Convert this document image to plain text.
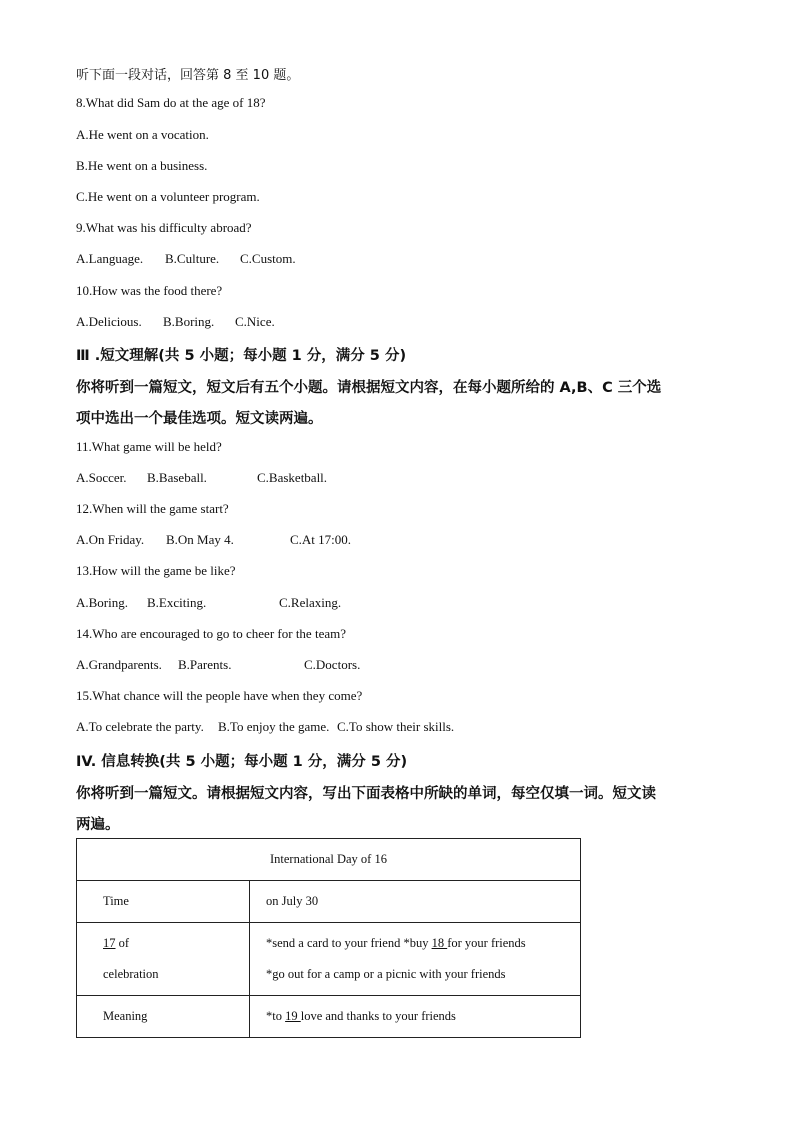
听下面一段对话，回答第 8 至 10 题。
8.What did Sam do at the age of 18?
A.He went on a vocation.
B.He went on a business.
C.He went on a volunteer program.
9.What was his difficulty abroad?
A.Language. B.Culture. C.Custom.
10.How was the food there?
A.Delicious. B.Boring. C.Nice.
Ⅲ .短文理解(共 5 小题；每小题 1 分，满分 5 分)
你将听到一篇短文，短文后有五个小题。请根据短文内容，在每小题所给的 A,B、C 三个选
项中选出一个最佳选项。短文读两遍。
11.What game will be held?
A.Soccer. B.Baseball.	C.Basketball.
12.When will the game start?
A.On Friday. B.On May 4.	C.At 17:00.
13.How will the game be like?
A.Boring. B.Exciting.	C.Relaxing.
14.Who are encouraged to go to cheer for the team?
A.Grandparents. B.Parents.	C.Doctors.
15.What chance will the people have when they come?
A.To celebrate the party. B.To enjoy the game. C.To show their skills.
IV. 信息转换(共 5 小题；每小题 1 分，满分 5 分)
你将听到一篇短文。请根据短文内容，写出下面表格中所缺的单词，每空仅填一词。短文读
两遍。
International Day of 16	
Time	on July 30

17 of
celebration	*send a card to your friend *buy 18 for your friends
*go out for a camp or a picnic with your friends

Meaning	*to 19 love and thanks to your friends
